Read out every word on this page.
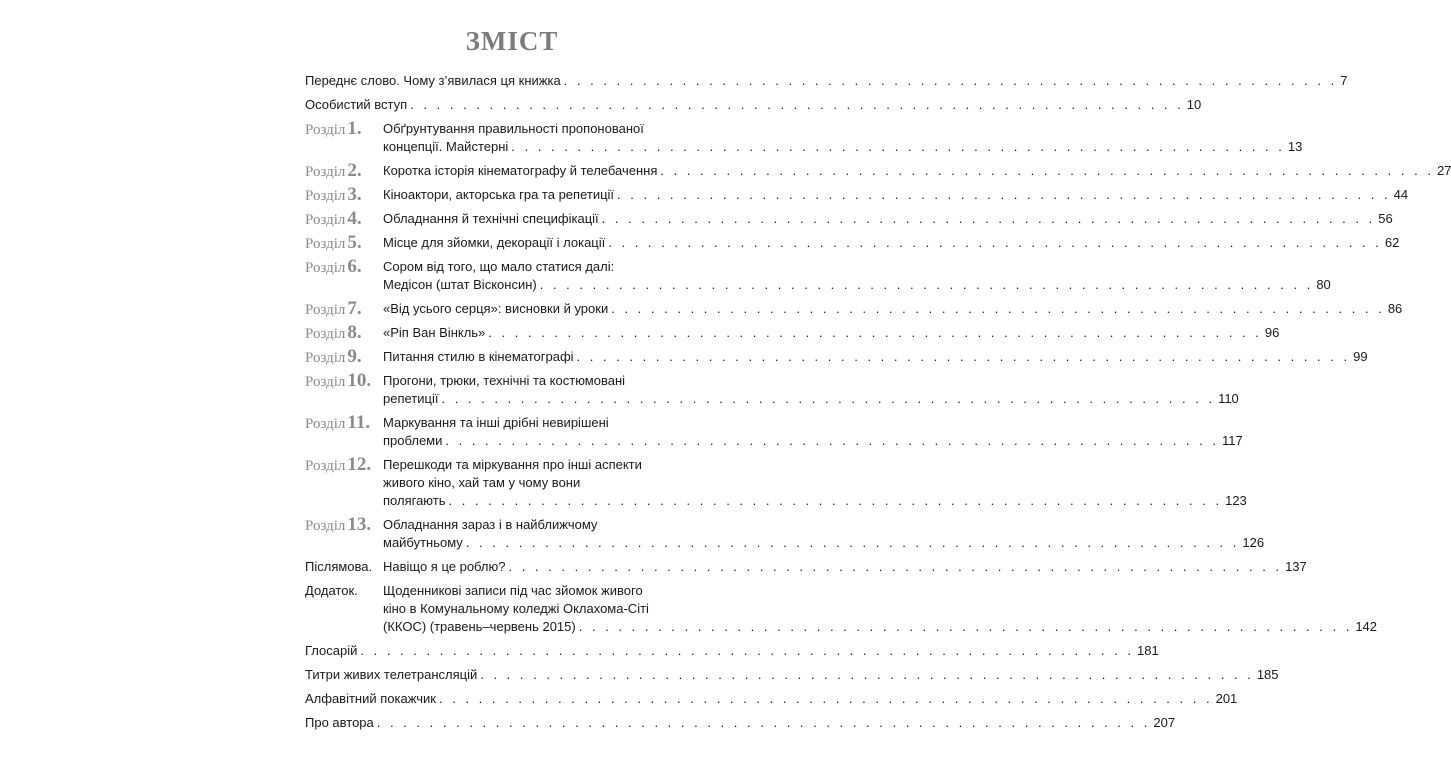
ЗМІСТ
Переднє слово. Чому з’явилася ця книжка . . . . . . . . . . . . . . . . . . . . . . . . . . . . . . . . . . . . . . . . . . . . . . . . . . . . . . . . . . . 7
Особистий вступ . . . . . . . . . . . . . . . . . . . . . . . . . . . . . . . . . . . . . . . . . . . . . . . . . . . . . . . . . . . 10
Розділ 1. Обґрунтування правильності пропонованої
концепції. Майстерні . . . . . . . . . . . . . . . . . . . . . . . . . . . . . . . . . . . . . . . . . . . . . . . . . . . . . . . . . . . 13
Розділ 2. Коротка історія кінематографу й телебачення . . . . . . . . . . . . . . . . . . . . . . . . . . . . . . . . . . . . . . . . . . . . . . . . . . . . . . . . . . . 27
Розділ 3. Кіноактори, акторська гра та репетиції . . . . . . . . . . . . . . . . . . . . . . . . . . . . . . . . . . . . . . . . . . . . . . . . . . . . . . . . . . . 44
Розділ 4. Обладнання й технічні специфікації . . . . . . . . . . . . . . . . . . . . . . . . . . . . . . . . . . . . . . . . . . . . . . . . . . . . . . . . . . . 56
Розділ 5. Місце для зйомки, декорації і локації . . . . . . . . . . . . . . . . . . . . . . . . . . . . . . . . . . . . . . . . . . . . . . . . . . . . . . . . . . . 62
Розділ 6. Сором від того, що мало статися далі:
Медісон (штат Вісконсин) . . . . . . . . . . . . . . . . . . . . . . . . . . . . . . . . . . . . . . . . . . . . . . . . . . . . . . . . . . . 80
Розділ 7. «Від усього серця»: висновки й уроки . . . . . . . . . . . . . . . . . . . . . . . . . . . . . . . . . . . . . . . . . . . . . . . . . . . . . . . . . . . 86
Розділ 8. «Ріп Ван Вінкль» . . . . . . . . . . . . . . . . . . . . . . . . . . . . . . . . . . . . . . . . . . . . . . . . . . . . . . . . . . . 96
Розділ 9. Питання стилю в кінематографі . . . . . . . . . . . . . . . . . . . . . . . . . . . . . . . . . . . . . . . . . . . . . . . . . . . . . . . . . . . 99
Розділ 10. Прогони, трюки, технічні та костюмовані
репетиції . . . . . . . . . . . . . . . . . . . . . . . . . . . . . . . . . . . . . . . . . . . . . . . . . . . . . . . . . . . 110
Розділ 11. Маркування та інші дрібні невирішені
проблеми . . . . . . . . . . . . . . . . . . . . . . . . . . . . . . . . . . . . . . . . . . . . . . . . . . . . . . . . . . . 117
Розділ 12. Перешкоди та міркування про інші аспекти
живого кіно, хай там у чому вони
полягають . . . . . . . . . . . . . . . . . . . . . . . . . . . . . . . . . . . . . . . . . . . . . . . . . . . . . . . . . . . 123
Розділ 13. Обладнання зараз і в найближчому
майбутньому . . . . . . . . . . . . . . . . . . . . . . . . . . . . . . . . . . . . . . . . . . . . . . . . . . . . . . . . . . . 126
Післямова. Навіщо я це роблю? . . . . . . . . . . . . . . . . . . . . . . . . . . . . . . . . . . . . . . . . . . . . . . . . . . . . . . . . . . . 137
Додаток. Щоденникові записи під час зйомок живого
кіно в Комунальному коледжі Оклахома-Сіті
(ККОС) (травень–червень 2015) . . . . . . . . . . . . . . . . . . . . . . . . . . . . . . . . . . . . . . . . . . . . . . . . . . . . . . . . . . . 142
Глосарій . . . . . . . . . . . . . . . . . . . . . . . . . . . . . . . . . . . . . . . . . . . . . . . . . . . . . . . . . . . 181
Титри живих телетрансляцій . . . . . . . . . . . . . . . . . . . . . . . . . . . . . . . . . . . . . . . . . . . . . . . . . . . . . . . . . . . 185
Алфавітний покажчик . . . . . . . . . . . . . . . . . . . . . . . . . . . . . . . . . . . . . . . . . . . . . . . . . . . . . . . . . . . 201
Про автора . . . . . . . . . . . . . . . . . . . . . . . . . . . . . . . . . . . . . . . . . . . . . . . . . . . . . . . . . . . 207
